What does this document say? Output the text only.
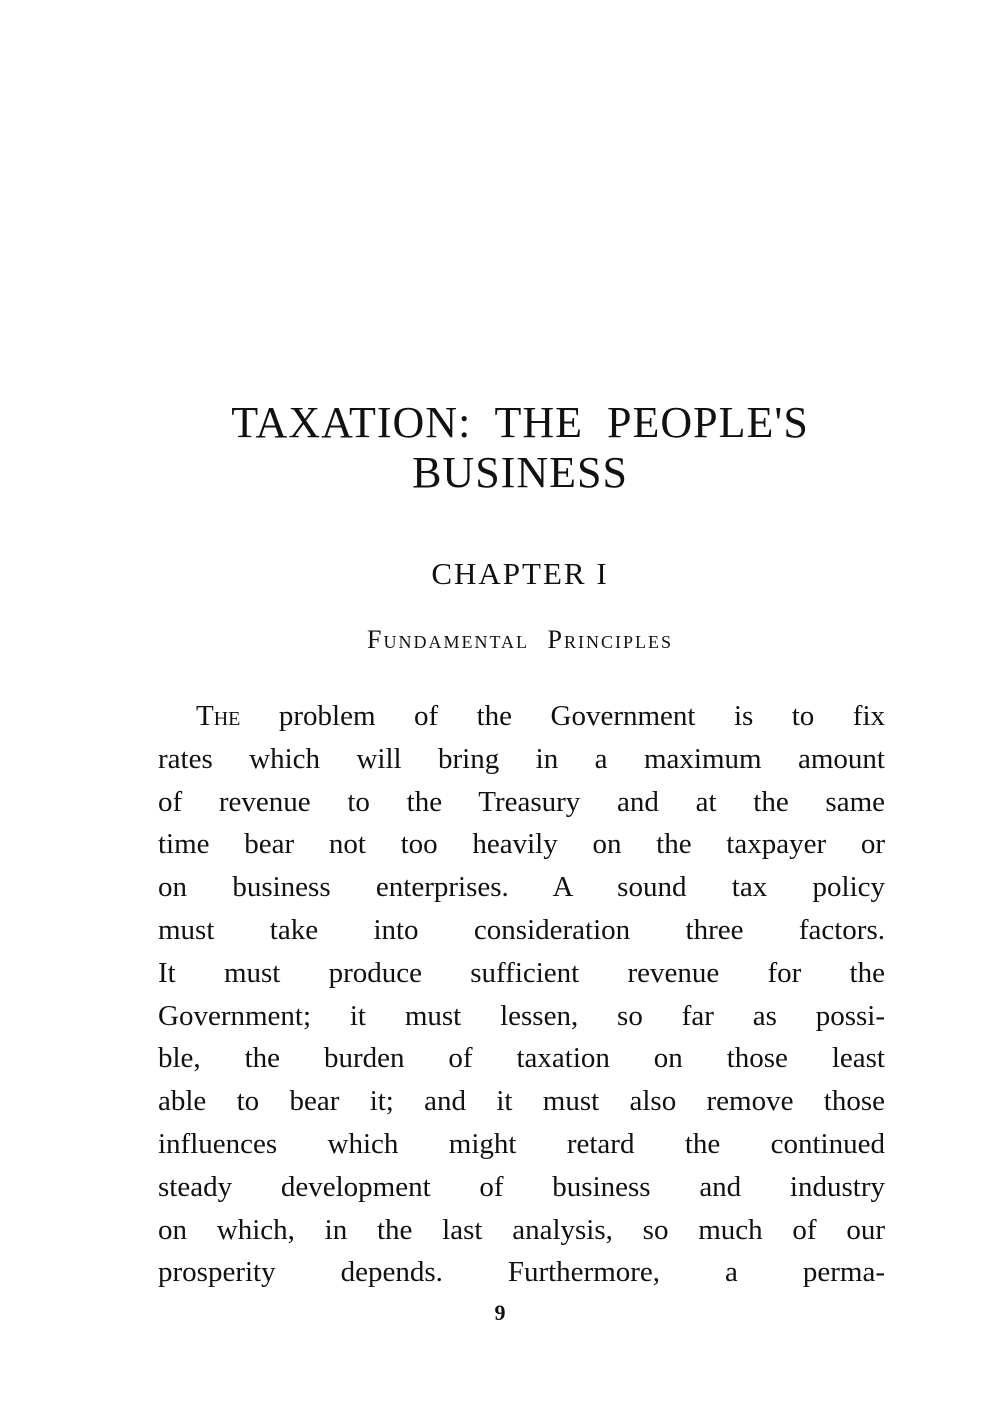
TAXATION: THE PEOPLE'S
BUSINESS
CHAPTER I
Fundamental Principles
The problem of the Government is to fix
rates which will bring in a maximum amount
of revenue to the Treasury and at the same
time bear not too heavily on the taxpayer or
on business enterprises. A sound tax policy
must take into consideration three factors.
It must produce sufficient revenue for the
Government; it must lessen, so far as possi-
ble, the burden of taxation on those least
able to bear it; and it must also remove those
influences which might retard the continued
steady development of business and industry
on which, in the last analysis, so much of our
prosperity depends. Furthermore, a perma-
9
